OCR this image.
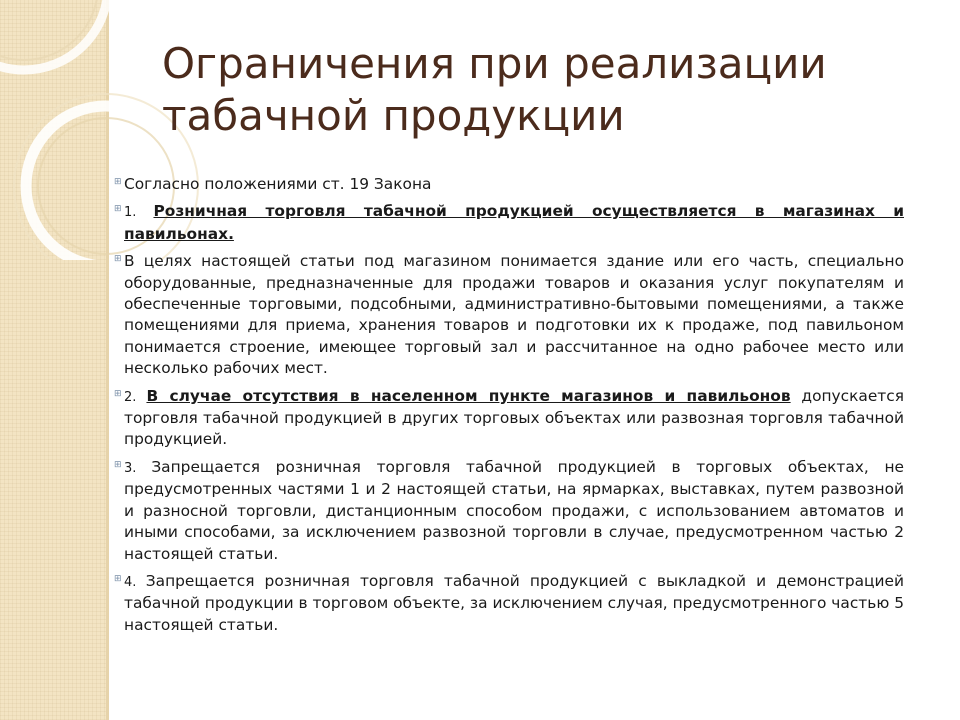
Ограничения при реализации
табачной продукции
⊞ Согласно положениями ст. 19 Закона
⊞ 1. Розничная торговля табачной продукцией осуществляется в магазинах и павильонах.
⊞ В целях настоящей статьи под магазином понимается здание или его часть, специально оборудованные, предназначенные для продажи товаров и оказания услуг покупателям и обеспеченные торговыми, подсобными, административно-бытовыми помещениями, а также помещениями для приема, хранения товаров и подготовки их к продаже, под павильоном понимается строение, имеющее торговый зал и рассчитанное на одно рабочее место или несколько рабочих мест.
⊞ 2. В случае отсутствия в населенном пункте магазинов и павильонов допускается торговля табачной продукцией в других торговых объектах или развозная торговля табачной продукцией.
⊞ 3. Запрещается розничная торговля табачной продукцией в торговых объектах, не предусмотренных частями 1 и 2 настоящей статьи, на ярмарках, выставках, путем развозной и разносной торговли, дистанционным способом продажи, с использованием автоматов и иными способами, за исключением развозной торговли в случае, предусмотренном частью 2 настоящей статьи.
⊞ 4. Запрещается розничная торговля табачной продукцией с выкладкой и демонстрацией табачной продукции в торговом объекте, за исключением случая, предусмотренного частью 5 настоящей статьи.
